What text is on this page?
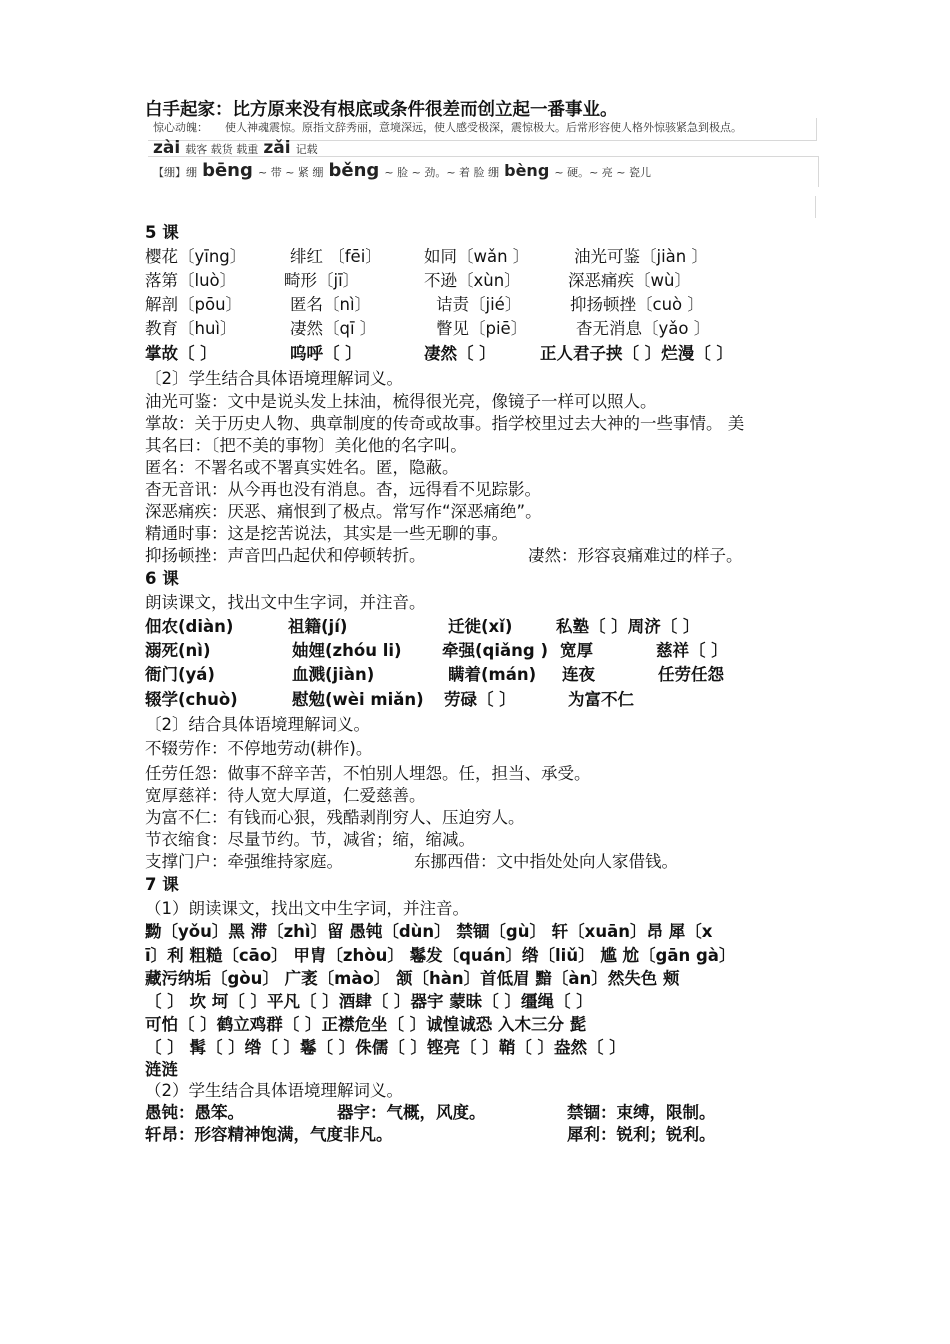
白手起家：比方原来没有根底或条件很差而创立起一番事业。
惊心动魄： 使人神魂震惊。原指文辞秀丽，意境深远，使人感受极深，震惊极大。后常形容使人格外惊骇紧急到极点。
zài 载客 载货 载重 zǎi 记载
【绷】绷 bēng ~ 带 ~ 紧 绷 běng ~ 脸 ~ 劲。~ 着 脸 绷 bèng ~ 硬。~ 亮 ~ 瓷儿
5 课
樱花〔yīng〕	绯红 〔fēi〕	如同〔wǎn 〕	油光可鉴〔jiàn 〕
落第〔luò〕	畸形〔jī〕	不逊〔xùn〕	深恶痛疾〔wù〕
解剖〔pōu〕	匿名〔nì〕	诘责〔jié〕	抑扬顿挫〔cuò 〕
教育〔huì〕	凄然〔qī 〕	瞥见〔piē〕	杳无消息〔yǎo 〕
掌故〔 〕	呜呼〔 〕	凄然〔 〕	正人君子挟〔 〕烂漫〔 〕
〔2〕学生结合具体语境理解词义。
油光可鉴：文中是说头发上抹油，梳得很光亮，像镜子一样可以照人。
掌故：关于历史人物、典章制度的传奇或故事。指学校里过去大神的一些事情。 美
其名曰：〔把不美的事物〕美化他的名字叫。
匿名：不署名或不署真实姓名。匿，隐蔽。
杳无音讯：从今再也没有消息。杳，远得看不见踪影。
深恶痛疾：厌恶、痛恨到了极点。常写作“深恶痛绝”。
精通时事：这是挖苦说法，其实是一些无聊的事。
抑扬顿挫：声音凹凸起伏和停顿转折。	凄然：形容哀痛难过的样子。
6 课
朗读课文，找出文中生字词，并注音。
佃农(diàn)	祖籍(jí)	迁徙(xǐ)	私塾〔 〕周济〔 〕
溺死(nì)	妯娌(zhóu li) 牵强(qiǎng ) 宽厚	慈祥〔 〕
衙门(yá)	血溅(jiàn)	瞒着(mán) 连夜	任劳任怨
辍学(chuò)	慰勉(wèi miǎn) 劳碌〔 〕	为富不仁
〔2〕结合具体语境理解词义。
不辍劳作：不停地劳动(耕作)。
任劳任怨：做事不辞辛苦，不怕别人埋怨。任，担当、承受。
宽厚慈祥：待人宽大厚道，仁爱慈善。
为富不仁：有钱而心狠，残酷剥削穷人、压迫穷人。
节衣缩食：尽量节约。节，减省；缩，缩减。
支撑门户：牵强维持家庭。	东挪西借：文中指处处向人家借钱。
7 课
（1）朗读课文，找出文中生字词，并注音。
黝〔yǒu〕黑 滞〔zhì〕留 愚钝〔dùn〕 禁锢〔gù〕 轩〔xuān〕昂 犀〔x
ī〕利 粗糙〔cāo〕 甲胄〔zhòu〕 鬈发〔quán〕绺〔liǔ〕 尴 尬〔gān gà〕
藏污纳垢〔gòu〕 广袤〔mào〕 颔〔hàn〕首低眉 黯〔àn〕然失色 颊
〔 〕 坎 坷〔 〕平凡〔 〕酒肆〔 〕器宇 蒙昧〔 〕缰绳〔 〕
可怕〔 〕鹤立鸡群〔 〕正襟危坐〔 〕诚惶诚恐 入木三分 髭
〔 〕 髯〔 〕绺〔 〕鬈〔 〕侏儒〔 〕铿亮〔 〕鞘〔 〕盎然〔 〕
涟涟
（2）学生结合具体语境理解词义。
愚钝：愚笨。	器宇：气概，风度。	禁锢：束缚，限制。
轩昂：形容精神饱满，气度非凡。	犀利：锐利；锐利。
